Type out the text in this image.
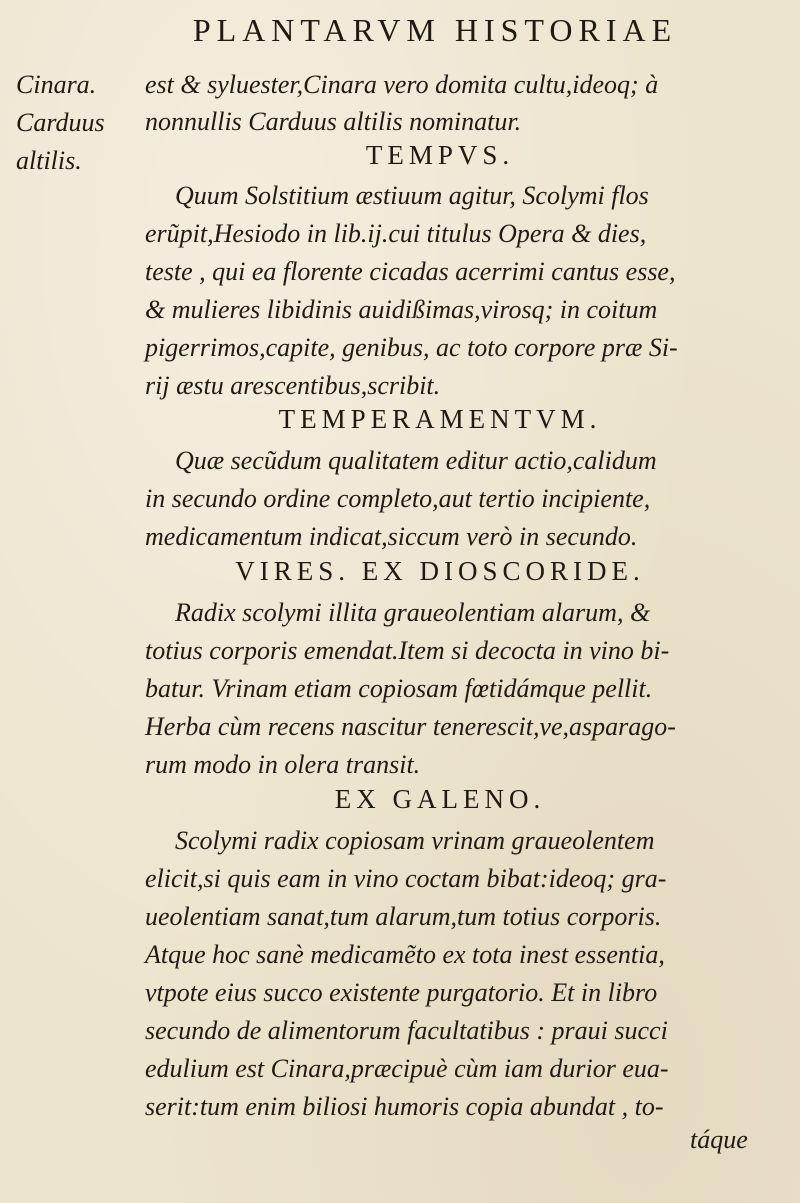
PLANTARVM HISTORIAE
Cinara.
Carduus
altilis.
est & syluester,Cinara vero domita cultu,ideoq; à
nonnullis Carduus altilis nominatur.
TEMPVS.
Quum Solstitium æstiuum agitur, Scolymi flos
erũpit,Hesiodo in lib.ij.cui titulus Opera & dies,
teste , qui ea florente cicadas acerrimi cantus esse,
& mulieres libidinis auidißimas,virosq; in coitum
pigerrimos,capite, genibus, ac toto corpore præ Si-
rij æstu arescentibus,scribit.
TEMPERAMENTVM.
Quæ secũdum qualitatem editur actio,calidum
in secundo ordine completo,aut tertio incipiente,
medicamentum indicat,siccum verò in secundo.
VIRES. EX DIOSCORIDE.
Radix scolymi illita graueolentiam alarum, &
totius corporis emendat.Item si decocta in vino bi-
batur. Vrinam etiam copiosam fœtidámque pellit.
Herba cùm recens nascitur tenerescit,ve,asparago-
rum modo in olera transit.
EX GALENO.
Scolymi radix copiosam vrinam graueolentem
elicit,si quis eam in vino coctam bibat:ideoq; gra-
ueolentiam sanat,tum alarum,tum totius corporis.
Atque hoc sanè medicamẽto ex tota inest essentia,
vtpote eius succo existente purgatorio. Et in libro
secundo de alimentorum facultatibus : praui succi
edulium est Cinara,præcipuè cùm iam durior eua-
serit:tum enim biliosi humoris copia abundat , to-
táque
